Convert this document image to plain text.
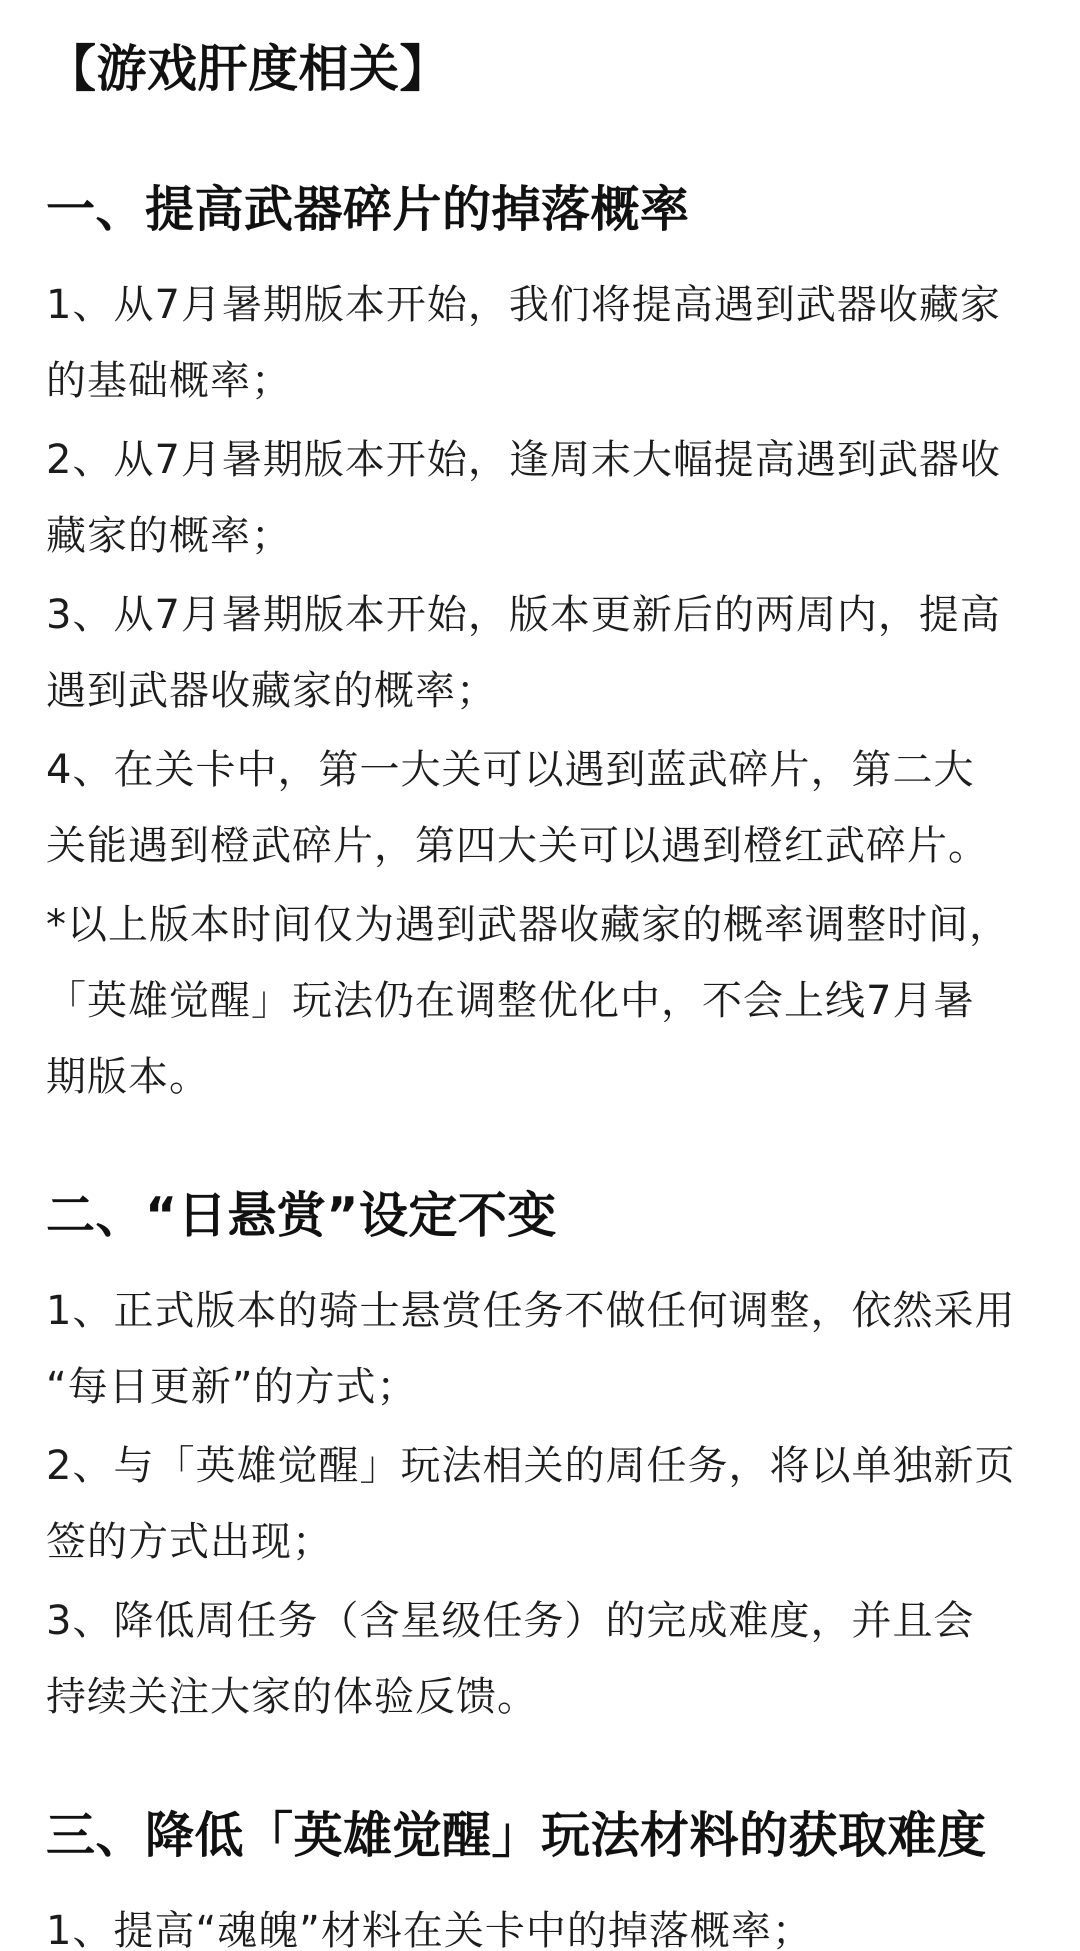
【游戏肝度相关】
一、提高武器碎片的掉落概率
1、从7月暑期版本开始，我们将提高遇到武器收藏家
的基础概率；
2、从7月暑期版本开始，逢周末大幅提高遇到武器收
藏家的概率；
3、从7月暑期版本开始，版本更新后的两周内，提高
遇到武器收藏家的概率；
4、在关卡中，第一大关可以遇到蓝武碎片，第二大
关能遇到橙武碎片，第四大关可以遇到橙红武碎片。
*以上版本时间仅为遇到武器收藏家的概率调整时间，
「英雄觉醒」玩法仍在调整优化中，不会上线7月暑
期版本。
二、“日悬赏”设定不变
1、正式版本的骑士悬赏任务不做任何调整，依然采用
“每日更新”的方式；
2、与「英雄觉醒」玩法相关的周任务，将以单独新页
签的方式出现；
3、降低周任务（含星级任务）的完成难度，并且会
持续关注大家的体验反馈。
三、降低「英雄觉醒」玩法材料的获取难度
1、提高“魂魄”材料在关卡中的掉落概率；
